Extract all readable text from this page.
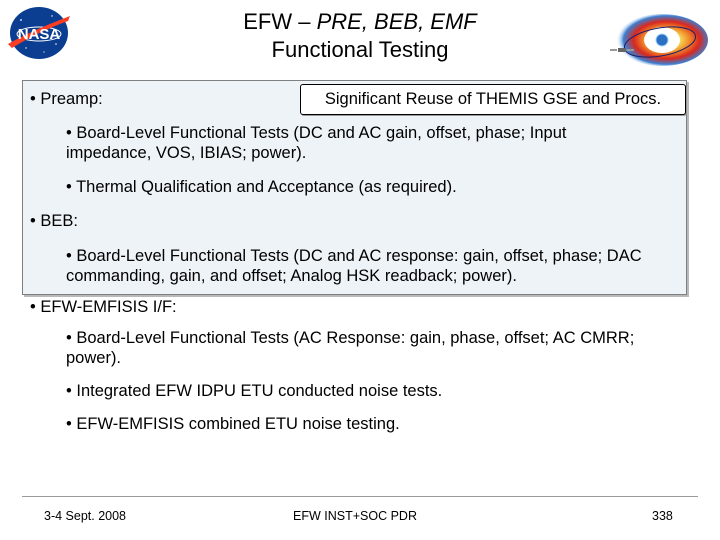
NASA
EFW – PRE, BEB, EMF
Functional Testing
Significant Reuse of THEMIS GSE and Procs.
• Preamp:
• Board-Level Functional Tests (DC and AC gain, offset, phase; Input impedance, VOS, IBIAS; power).
• Thermal Qualification and Acceptance (as required).
• BEB:
• Board-Level Functional Tests (DC and AC response: gain, offset, phase; DAC commanding, gain, and offset; Analog HSK readback; power).
• EFW-EMFISIS I/F:
• Board-Level Functional Tests (AC Response: gain, phase, offset; AC CMRR; power).
• Integrated EFW IDPU ETU conducted noise tests.
• EFW-EMFISIS combined ETU noise testing.
3-4 Sept. 2008	EFW INST+SOC PDR	338
